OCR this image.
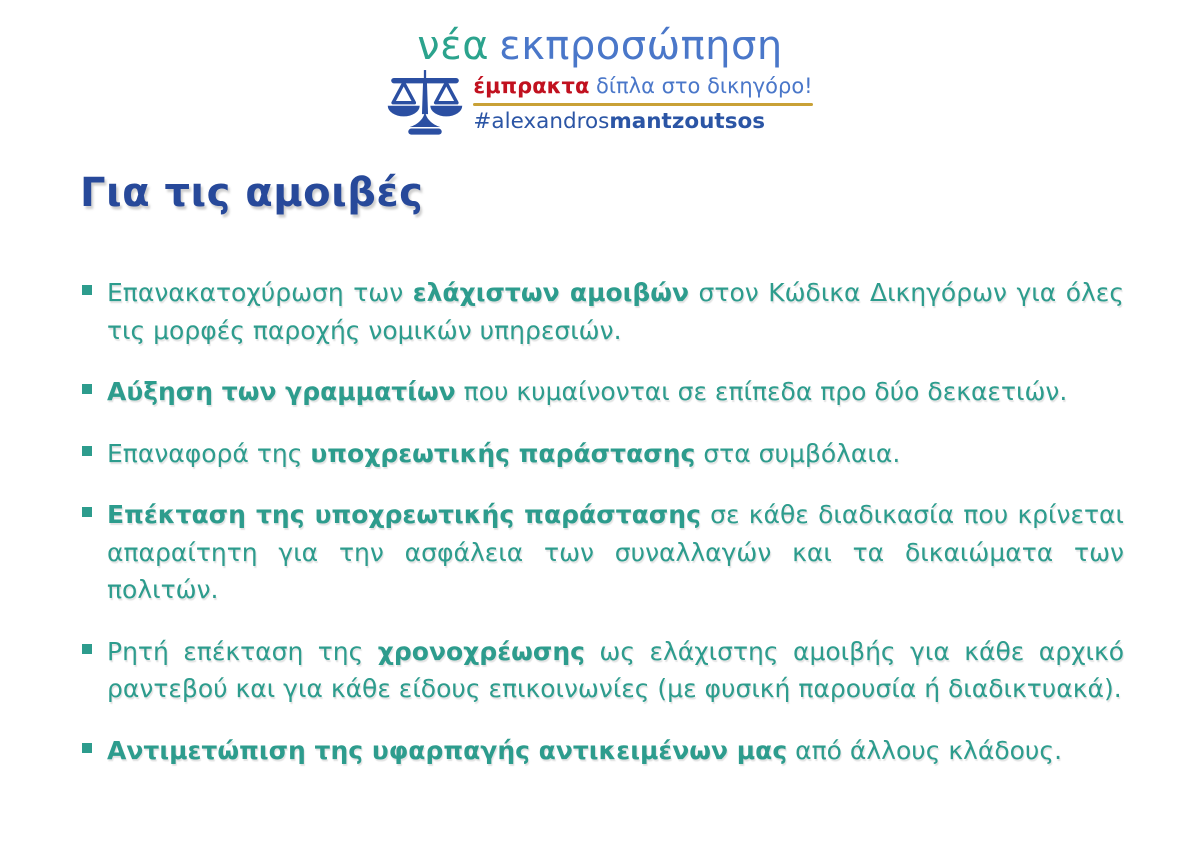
νέα εκπροσώπηση
έμπρακτα δίπλα στο δικηγόρο!
#alexandrosmantzoutsos
Για τις αμοιβές

Επανακατοχύρωση των ελάχιστων αμοιβών στον Κώδικα Δικηγόρων για όλες τις μορφές παροχής νομικών υπηρεσιών.

Αύξηση των γραμματίων που κυμαίνονται σε επίπεδα προ δύο δεκαετιών.

Επαναφορά της υποχρεωτικής παράστασης στα συμβόλαια.

Επέκταση της υποχρεωτικής παράστασης σε κάθε διαδικασία που κρίνεται απαραίτητη για την ασφάλεια των συναλλαγών και τα δικαιώματα των πολιτών.

Ρητή επέκταση της χρονοχρέωσης ως ελάχιστης αμοιβής για κάθε αρχικό ραντεβού και για κάθε είδους επικοινωνίες (με φυσική παρουσία ή διαδικτυακά).

Αντιμετώπιση της υφαρπαγής αντικειμένων μας από άλλους κλάδους.
